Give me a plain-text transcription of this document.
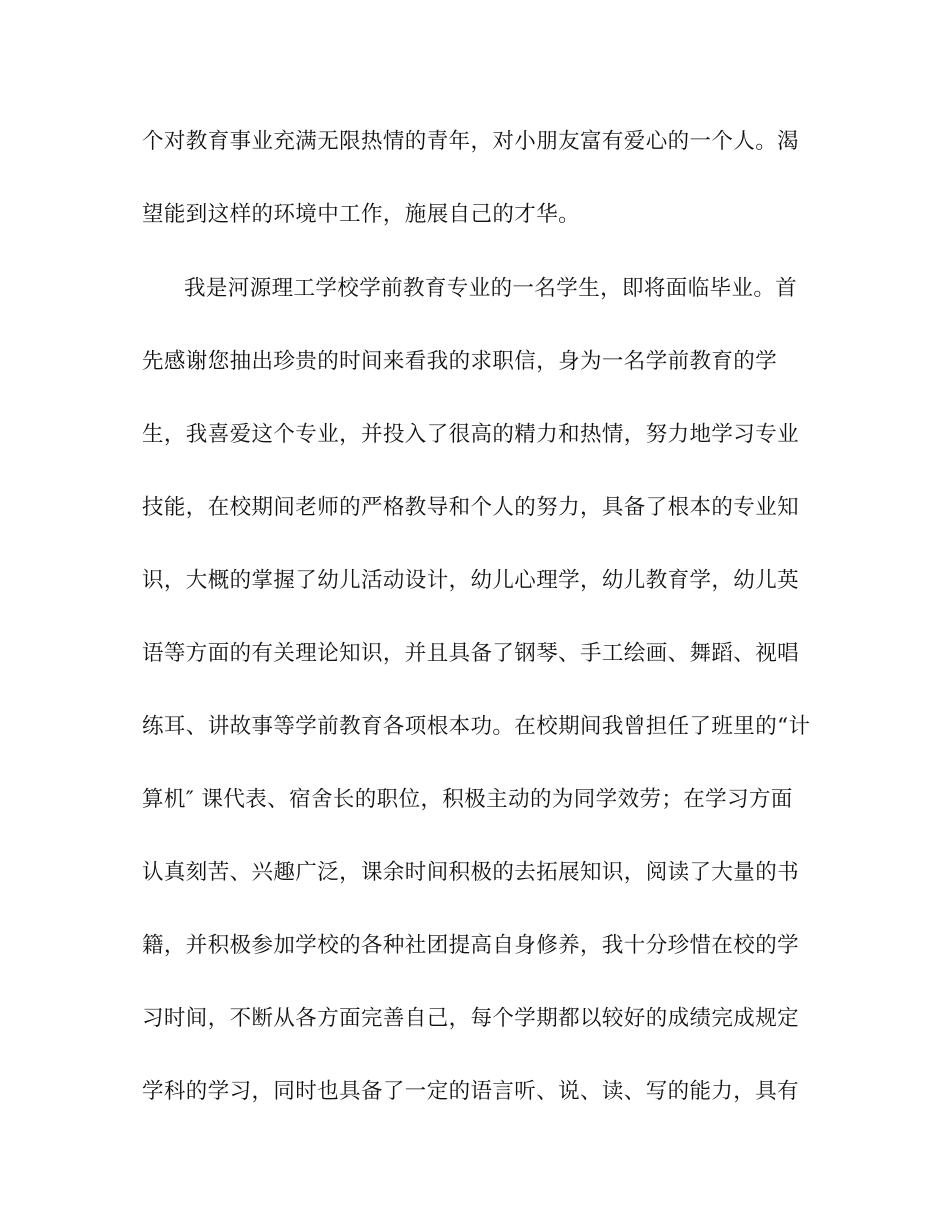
个对教育事业充满无限热情的青年，对小朋友富有爱心的一个人。渴
望能到这样的环境中工作，施展自己的才华。
我是河源理工学校学前教育专业的一名学生，即将面临毕业。首
先感谢您抽出珍贵的时间来看我的求职信，身为一名学前教育的学
生，我喜爱这个专业，并投入了很高的精力和热情，努力地学习专业
技能，在校期间老师的严格教导和个人的努力，具备了根本的专业知
识，大概的掌握了幼儿活动设计，幼儿心理学，幼儿教育学，幼儿英
语等方面的有关理论知识，并且具备了钢琴、手工绘画、舞蹈、视唱
练耳、讲故事等学前教育各项根本功。在校期间我曾担任了班里的“计
算机″ 课代表、宿舍长的职位，积极主动的为同学效劳；在学习方面
认真刻苦、兴趣广泛，课余时间积极的去拓展知识，阅读了大量的书
籍，并积极参加学校的各种社团提高自身修养，我十分珍惜在校的学
习时间，不断从各方面完善自己，每个学期都以较好的成绩完成规定
学科的学习，同时也具备了一定的语言听、说、读、写的能力，具有
